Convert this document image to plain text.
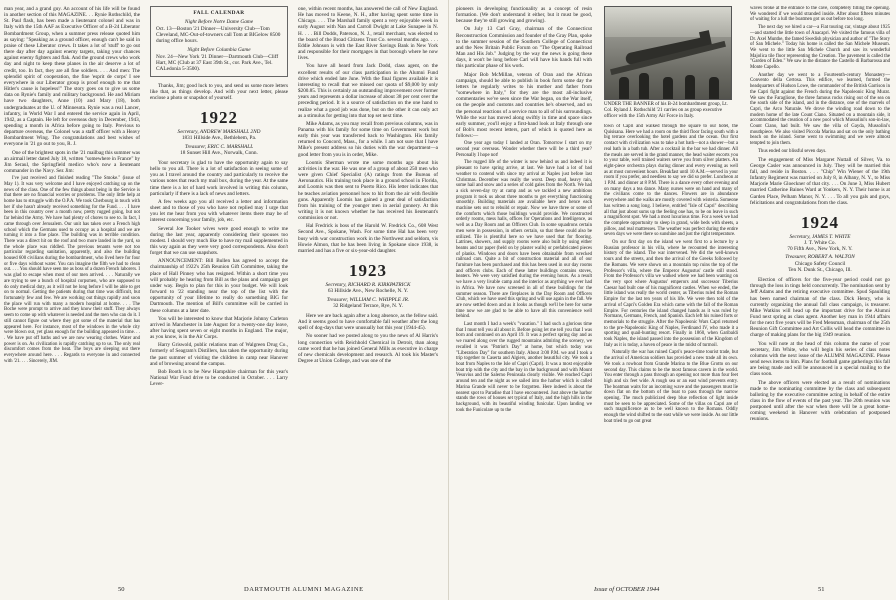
man year, and a grand guy. An account of his life will be found in another section of this MAGAZINE. . . Rynie Rothschild, the St. Paul flash, has been made a lieutenant colonel and was in Italy with the 15th AAF as Executive Officer of a B-24 Liberator Bombardment Group, when a summer press release quoted him as saying: "Speaking as a ground officer, enough can't be said in praise of these Liberator crews. It takes a lot of 'stuff' to go out there day after day against enemy targets, taking your chances against enemy fighters and flak. And the ground crews who work day and night to keep these planes in the air deserve a lot of credit, too. In fact, they are all fine soldiers. . . . And men: The splendid spirit of cooperation, the fine 'esprit de corps' I see everywhere in our Liberator group is proof enough to me that Hitler's cause is hopeless!" The story goes on to give us some data on Rynie's family and military background. He and Miriam have two daughters, Anne (10) and Mary (18), both undergraduates at the U. of Minnesota. Rynie was a real Lancer, infantry, in World War I and entered the service again in April, 1942, as a Captain. He left for overseas duty in December, 1943, spending a month in Africa before going to Italy. Previous to departure overseas, the Colonel was a staff officer with a Heavy Bombardment Wing. The congratulations and best wishes of everyone in '21 go out to you, R. J.

One of the brightest spots in the '21 mailbag this summer was an airmail letter dated July 18, written "somewhere in France" by Jim Seraul, the Springfield medico who's now a lieutenant commander in the Navy. Sez Jim:

I've just received and finished reading "The Smoke." (issue of May 1). It was very welcome and I have enjoyed catching up on the news of the class. One of the few things about being in the Service is that there are no financial worries or problems. The only little help at home has to struggle with the O.P.A. We took Cherbourg in touch with her if she hasn't already received something for the Fund. . . . I have been in this country over a month now, pretty rugged going, but not far behind the Army. We have had plenty of chores to see to. In fact, I came through over Jerusalem. Our unit has taken over a French high school which the Germans used to occupy as a hospital and we are turning it into a fine place. The building was in terrible condition. There was a direct hit on the roof and two more landed in the yard, so the whole place was riddled. The previous tenants were not too particular regarding sanitation, apparently, and also the building housed 600 civilians during the bombardment, who lived here for four or five days without water. You can imagine the filth we had to clean out. . . . You should have seen me as boss of a dozen French laborers. I was glad to escape when most of our men arrived. . . . Naturally we are trying to see a bunch of hospital corpsmen, who are supposed to do only medical duty, as it will not be long before I will be able to get on to normal. Getting the patients during that time was difficult, but fortunately few and few. We are working out things rapidly and soon the place will run with many a modern hospital at home. . . . The Boche were prompt to arrive and they know their stuff. They always seem to come up with whatever is needed and the men who can do it. I still cannot figure out where they got some of the material that has appeared here. For instance, most of the windows in the whole city were blown out, yet glass enough for the building appeared in time. . . . We have put off baths and we are now wearing clothes. Water and power is on. As civilization is rapidly catching up to us. The only real discomfort comes from the heat. The boys are sleeping out there everywhere around here. . . . Regards to everyone in and connected with '21. . . . Sincerely, JIM.

FALL CALENDAR
Night Before Notre Dame Game
Oct. 13—Boston '21 Dinner—University Club—Tom Cleveland, MC-Out-of-towners call Tom at BIGelow 8500 during office hours.
Night Before Columbia Game
Nov. 24—New York '21 Dinner—Dartmouth Club—Cliff Hart, MC (Club at 37 East 39th St., cor. Park Ave., Tel. CALedonia 5-3500).

Thanks, Jim; good luck to you, and send us some more letters like that, as things develop. And with your next letter, please enclose a photo or snapshot of yourself.

1922
Secretary, ANDREW MARSHALL 2ND
1831 Hillside Ave., Bethlehem, Pa.
Treasurer, ERIC C. MARSHALL
18 Sunset Hill Ave., Norwalk, Conn.

Your secretary is glad to have the opportunity again to say hello to you all. There is a lot of satisfaction in seeing some of you as I travel around the country and particularly to receive the various notes that reach my mail box, during the year. At the same time there is a lot of hard work involved in writing this column, particularly if there is a lack of news and letters.

A few weeks ago you all received a letter and information sheet and to those of you who have not replied may I urge that you let me hear from you with whatever items there may be of interest concerning your family, job, etc.

Several Joe Tooker wives were good enough to write me during the last year, apparently considering their spouses too modest. I should very much like to have my mail supplemented in this way again as they were very good correspondents. Also don't forget that we can use snapshots.

ANNOUNCEMENT: Bill Bullen has agreed to accept the chairmanship of 1922's 25th Reunion Gift Committee, taking the place of Hall Pinney who has resigned. Within a short time you will probably be hearing from Bill as the plans and campaign get under way. Begin to plan for this in your budget. We will look forward to '22 standing near the top of the list with the opportunity of your lifetime to really do something BIG for Dartmouth. The mention of Bill's committee will be carried in these columns at a later date.

You will be interested to know that Marjorie Johnny Carleton arrived in Manchester in late August for a twenty-one day leave, after having spent seven or eight months in England. The major, as you know, is in the Air Corps.

Harry Griswold, public relations man of Walgreen Drug Co., formerly of Seagram's Distillers, has taken the opportunity during the past summer of visiting the children in camp near Hanover and of browsing around the campus.

Bob Booth is to be New Hampshire chairman for this year's National War Fund drive to be conducted in October. . . . Larry Lever-

one, within recent months, has answered the call of New England. He has moved to Keene, N. H., after having spent some time in Chicago. . . . The Marshall family spent a very enjoyable week in early August with Nan and Carroll Dwight at Lake Sunapee in N. H. . . . Bill Dodds, Paterson, N. J., retail merchant, was elected to the board of the Broad Citizens Trust Co. several months ago. . . . Eddie Johnson is with the East River Savings Bank in New York and responsible for their mortgages in that borough where he now lives.

You have all heard from Jack Dodd, class agent, on the excellent results of our class participation in the Alumni Fund drive which ended late June. With the final figures available it is interesting to recall that we missed our quota of $9,000 by only $200.85. This is certainly an outstanding improvement over former years and represents a dollar increase of about 38 per cent over the preceding period. It is a source of satisfaction on the one hand to realize what a good job was done, but on the other it can only act as a stimulus for getting into that top set next time.

Mike Adams, as you may recall from previous columns, was in Panama with his family for some time on Government work but early this year was transferred back to Washington. His family returned to Concord, Mass., for a while. I am not sure that I have Mike's present address so his duties with the war department—a good letter from you is in order, Mike.

Loomis Sherman wrote me some months ago about his activities in the war. He was one of a group of about 250 men who were given Chief Specialist (A) ratings from the Bureau of Aeronautics. His training took place in a ground school in Florida, and Loomis was then sent to Puerto Rico. His letter indicates that he teaches aviation personnel how to hit from the air with flexible guns. Apparently Loomis has gained a great deal of satisfaction from his training of the younger men in aerial gunnery. At this writing it is not known whether he has received his lieutenant's commission or not.

Hal Fredrick is boss of the Harold W. Fredrick Co., 608 West Second Ave., Spokane, Wash. For some time Hal has been very busy with war construction work in the Northwest and seldom, vis Howie Almon, that he has been living in Spokane since 1938, is married and has a five or six-year-old daughter.

1923
Secretary, RICHARD R. KIRKPATRICK
63 Hillside Ave., New Rochelle, N. Y.
Treasurer, WILLIAM C. WHIPPLE JR.
32 Ridgeland Terrace, Rye, N. Y.

Here we are back again after a long absence, as the fellow said. And it seems good to have comfortable fall weather after the long spell of dog-days that were unusually hot this year (1944-45).

No sooner had we posted along to you the news of Al Harris's long connection with Reichhold Chemical in Detroit, than along came word that he has joined General Mills as executive in charge of new chemicals development and research. Al took his Master's Degree at Union College, and was one of the

50	DARTMOUTH ALUMNI MAGAZINE

pioneers in developing functionality as a concept of resin formation. (We don't understand it either, but it must be good, because they're still growing and growing).

On July 13 Carl Gray, chairman of the Connecticut Reconstruction Commission and founder of the Gray Plan, spoke to the summer session of the Southern College of Connecticut and the New Britain Public Forum on "The Operating Railroad Man and His Job." Judging by the way the news is going these days, it won't be long before Carl will have his hands full with this particular phase of his work.

Major Bob McMillan, veteran of Oran and the African campaign, should be able to publish in book form some day the letters he regularly writes to his mother and father from "somewhere in Italy," for they are the most all-inclusive commentaries we've seen since the War began, on the War itself, on the people and customs and countries he's observed, and on the personal reactions of a service man to all of his surroundings. While the war has moved along swiftly in time and space since early summer, you'll enjoy a first-hand look at Italy through one of Bob's most recent letters, part of which is quoted here as follows:—

One year ago today I landed at Oran. Tomorrow I start on my second year overseas. Wonder whether there will be a third year? Personally I hope not!

The rugged life of the winter is now behind us and indeed it is pleasant to have spring arrive, at last. We have had a lot of bad weather to contend with since my arrival at Naples just before last Christmas. December was really the worst. Deep mud, heavy rain, some hail and snow and a series of cold gales from the North. We had a sick seven-day try at camp and as we tackled a new ambitious program it took us about three months to get everything functioning smoothly. Building materials are available here and hence each machine sets out to rebuild or repair. Now we have three or some of the comforts which those buildings would provide. We constructed orderly rooms, mess halls, offices for Operations and Intelligence, as well as a Day Room and an Officers Club. In some squadrons certain men were in possession, in others certain, so that these could also be utilized. Tile is plentiful here so we have used that for flooring. Latrines, showers, and supply rooms were also built by using either beams and tar paper (held on by plaster walls) or prefabricated pieces of planks. Windows and doors have been obtainable from wrecked railroad cars. Quite a bit of construction material and all of our furniture has been purchased and this has been used in our day rooms and officers clubs. Each of these latter buildings contains stoves, heaters. We were very satisfied during the evening hours. As a result we have a very livable camp and the interior as anything we ever had in Africa. We have now screened in all of these buildings for the summer season. There are fireplaces in the Day Room and Officers Club, which we have used this spring and will use again in the fall. We are now settled down and as it looks as though we'll be here for some time now we are glad to be able to have all this convenience well behind.

Last month I had a week's "vacation." I had such a glorious time that I must tell you all about it. Before going let me tell you that I was born and continued on an April 19. It was a perfect spring day and as we roared along over the rugged mountains admiring the scenery, we recalled it was "Patriot's Day" at home, but which today was "Liberation Day" for southern Italy. About 3:00 P.M. we and I took a trip together to Caserta and Algiers, another beautiful city. We took a boat from Naples to the Isle of Capri (Capri). It was a most enjoyable boat trip with the city and the bay in the background and with Mount Vesuvius and the Salerno Peninsula clearly visible. We reached Capri around ten and the night as we sailed into the harbor which is called Marina Grande will never to be forgotten. Here indeed is about the nearest spot to Paradise that I have encountered. Just above the harbor stands the rows of houses set typical of Italy, and the high hills in the background, with its beautiful winding funicular. Upon landing we took the Funicolare up to the

UNDER THE BANNER of his B-24 bombardment group, Lt. Col. Ryland J. Rothschild '21 carries on as group executive officer with the 15th Army Air Force in Italy.

town of Capri and walked through the square to our hotel, the Quisisana. Here we had a room on the third floor facing south with a big terrace overlooking the hotel gardens and the ocean. Our first contact with civilization was to take a hot bath—not a shower—but a real bath in a bath tub. After a cocktail in the bar we had dinner. All the meals are served in the grand manner, the head waiter escorts you to your table, well trained waiters serve you from silver platters. An eight-piece orchestra plays during dinner and every evening as well as at most convenient hours. Breakfast until 10 A.M.—served in your room if you prefer, and needless to say we did so prefer. Luncheon at 1 P.M. and dinner at 8 P.M. There is a dance every other evening and on many days a tea dance. Many nurses were on hand and many of the civilians come to the dances. Flowers are in abundance everywhere and the walks are mostly covered with wisteria. Someone has written a song long. I believe, entitled "Isle of Capri" describing all that just about sums up the feeling one has, to be on leave in such a magnificent spot. We had a most luxurious time. For a week we had the complete opportunity to sleep in grand, wide beds with sheets, a pillow, and real mattresses. The weather was perfect during the entire seven days we were there so sunshine and just the right temperature.

On our first day on the island we went first to a lecture by a Russian professor in his villa, where he recounted the interesting history of the island. The war intervened. We did the well-known tours and the streets, and then the arrival of the Greeks followed by the Romans. We were shown on a mountain top ruins the top of the Professor's villa, where the Emperor Augustus' castle still stood. From the Professor's villa we walked where we had been wanting on the very spot where Augustus' emperors and successor Tiberius Caesar had built one of his magnificent castles. When we ended, the little island was really the world center, as Tiberius ruled the Roman Empire for the last ten years of his life. We were then told of the arrival of Capri's Golden Era which came with the fall of the Roman Empire. For centuries the island changed hands as it was ruled by Normans, Germans, French, and Spanish. Each left his ruined forts or memorials to the struggle. After the Napoleonic Wars Capri returned to the pre-Napoleonic King of Naples, Ferdinand IV, who made it a sporting and quail-hunting resort. Finally in 1860, when Garibaldi took Naples, the island passed into the possession of the Kingdom of Italy as it is today, a haven of peace in the midst of turmoil.

Naturally the war has ruined Capri's peace-time tourist trade, but the arrival of American soldiers has provided a new trade all its own. We took a rowboat from Grande Marina to the Blue Grotto on our second day. This claims to be the most famous cavern in the world. You enter through a pass through an opening not more than four feet high and six feet wide. A rough sea or an east wind prevents entry. The boatman waits for an incoming wave and the passengers must lie down flat on the bottom of the boat to pass through the narrow opening. The much publicized deep blue reflection of light inside must be seen to be appreciated. Some of the villas on Capri are of such magnificence as to be well known to the Romans. Oddly enough the wind shifted to the east while we were inside. As our little boat tried to go out great

waves broke at the entrance to the cave, completely filling the opening. We wondered if we would stranded inside. After about fifteen minutes of waiting for a lull the boatmen got us out before too long.

The next day we hired a car—a Fiat touring car, vintage about 1925—and started the little town of Anacapri. We visited the famous villa of Dr. Axel Munthe, the famed Swedish physician and author of "The Story of San Michele." Today his home is called the San Michele Museum. We went to the little San Michele Church and saw its wonderful Majolica tile floor representing the Creation. The pavement is called the "Garden of Eden." We saw in the distance the Castello di Barbarossa and Monte Capello.

Another day we went to a Fourteenth-century Monastery—Convento della Certosa. This edifice, we learned, formed the headquarters of Hudson Lowe, the commander of the British Garrison in the Capri fight against the French during the Napoleonic King Murat. We saw the Faraglione, the three famous rocks rising out of the sea on the south side of the island, and in the distance, one of the marvels of Capri, the Arco Naturale. We drove the winding road down to the modern home of the late Count Ciano. Situated on a mountain side, it accommodated the creation of a new pool which Mussolini's son-in-law, Count Ciano, had built. We saw the villa of Gayda, Mussolini's mouthpiece. We also visited Piccola Marina and sat on the only bathing beach on the island. Some went to swimming and we were almost tempted to join them.

Thus ended our blissful seven days.

The engagement of Miss Margaret Nuttall of Silver, Va. to George Casler was announced in July. They will be married this fall, and reside in Boston. . . . "Chip" Win Wiener of the 19th Infantry Regiment was married on July 8, in Albany, N. Y., to Miss Marjorie Marie Gloeckner of that city. . . . On June 3, Miss Hubert married Catherine Baines Ward at Yonkers, N. Y. Their home is at Garden Place, Pelham Manor, N. Y. . . . To all you gals and guys, felicitations and congratulations from the class.

1924
Secretary, JAMES T. WHITE
J. T. White Co.
70 Fifth Ave., New York, N. Y.
Treasurer, ROBERT A. WALTON
Chicago Safety Council
Ten N. Dunk St., Chicago, Ill.

Election of officers for the five-year period could not go through the loss in tings held concurrently. The nomination sent by Jeff Adams and the retiring executive committee. Spud Spaulding has been named chairman of the class. Dick Henry, who is currently organizing the annual fall class campaign, is treasurer. Mike Watkins will head up the important drive for the Alumni Fund next spring as class agent. Another key man in 1944 affairs for the next five years will be Fred Mensman, chairman of the 25th Reunion Gift Committee and Art Collis will head the committee in charge of making plans for the big 1949 reunion.

You will note at the head of this column the name of your secretary, Jim White, who will begin his series of class notes columns with the next issue of the ALUMNI MAGAZINE. Please send news items to him. Plans for football game gatherings this fall are being made and will be announced in a special mailing to the class soon.

The above officers were elected as a result of nominations made to the nominating committee by the class and subsequent balloting by the executive committee acting in behalf of the entire class in the flow of events of the past year. The 20th reunion was postponed until after the war when there will be a great home-coming weekend in Hanover with celebration of postponed reunions.

Issue of OCTOBER 1944	51
